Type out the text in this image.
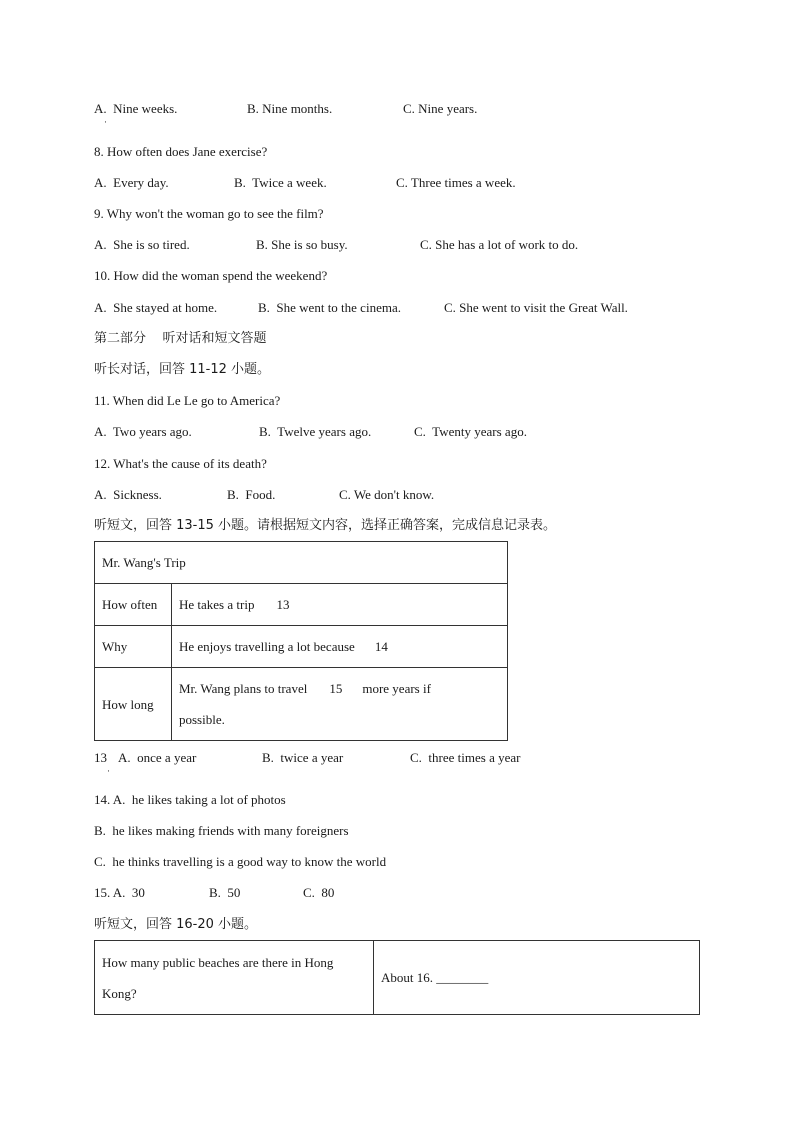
A.  Nine weeks.
·
B. Nine months.	C. Nine years.
8. How often does Jane exercise?
A.  Every day.	B.  Twice a week.	C. Three times a week.
9. Why won't the woman go to see the film?
A.  She is so tired.	B. She is so busy.	C. She has a lot of work to do.
10. How did the woman spend the weekend?
A.  She stayed at home.	B.  She went to the cinema.	C. She went to visit the Great Wall.
第二部分    听对话和短文答题
听长对话，回答 11-12 小题。
11. When did Le Le go to America?
A.  Two years ago.	B.  Twelve years ago.	C.  Twenty years ago.
12. What's the cause of its death?
A.  Sickness.	B.  Food.	C. We don't know.
听短文，回答 13-15 小题。请根据短文内容，选择正确答案，完成信息记录表。
Mr. Wang's Trip	
How often	He takes a trip 13
Why	He enjoys travelling a lot because 14
How long	Mr. Wang plans to travel 15 more years if
possible.
13
·
A.  once a year	B.  twice a year	C.  three times a year
14. A.  he likes taking a lot of photos
B.  he likes making friends with many foreigners
C.  he thinks travelling is a good way to know the world
15. A.  30	B.  50	C.  80
听短文，回答 16-20 小题。
How many public beaches are there in Hong
Kong?
	About 16. ________
